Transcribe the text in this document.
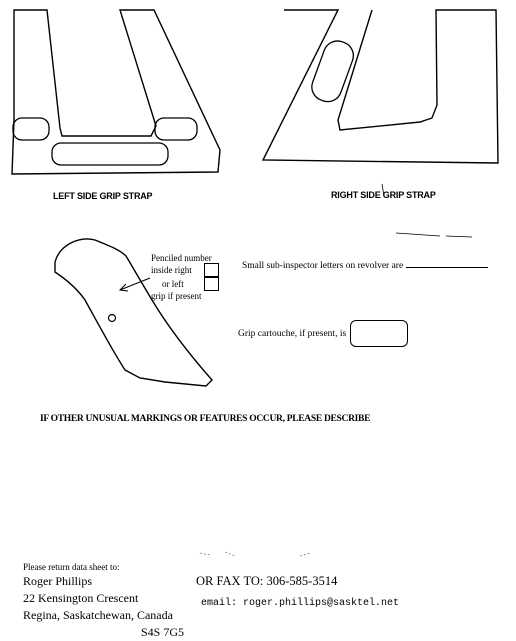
LEFT SIDE GRIP STRAP	RIGHT SIDE GRIP STRAP
Penciled number
inside right
or left
grip if present
Small sub-inspector letters on revolver are
Grip cartouche, if present, is
IF OTHER UNUSUAL MARKINGS OR FEATURES OCCUR, PLEASE DESCRIBE
Please return data sheet to:
Roger Phillips
22 Kensington Crescent
Regina, Saskatchewan, Canada
S4S 7G5
OR FAX TO: 306-585-3514
email: roger.phillips@sasktel.net
